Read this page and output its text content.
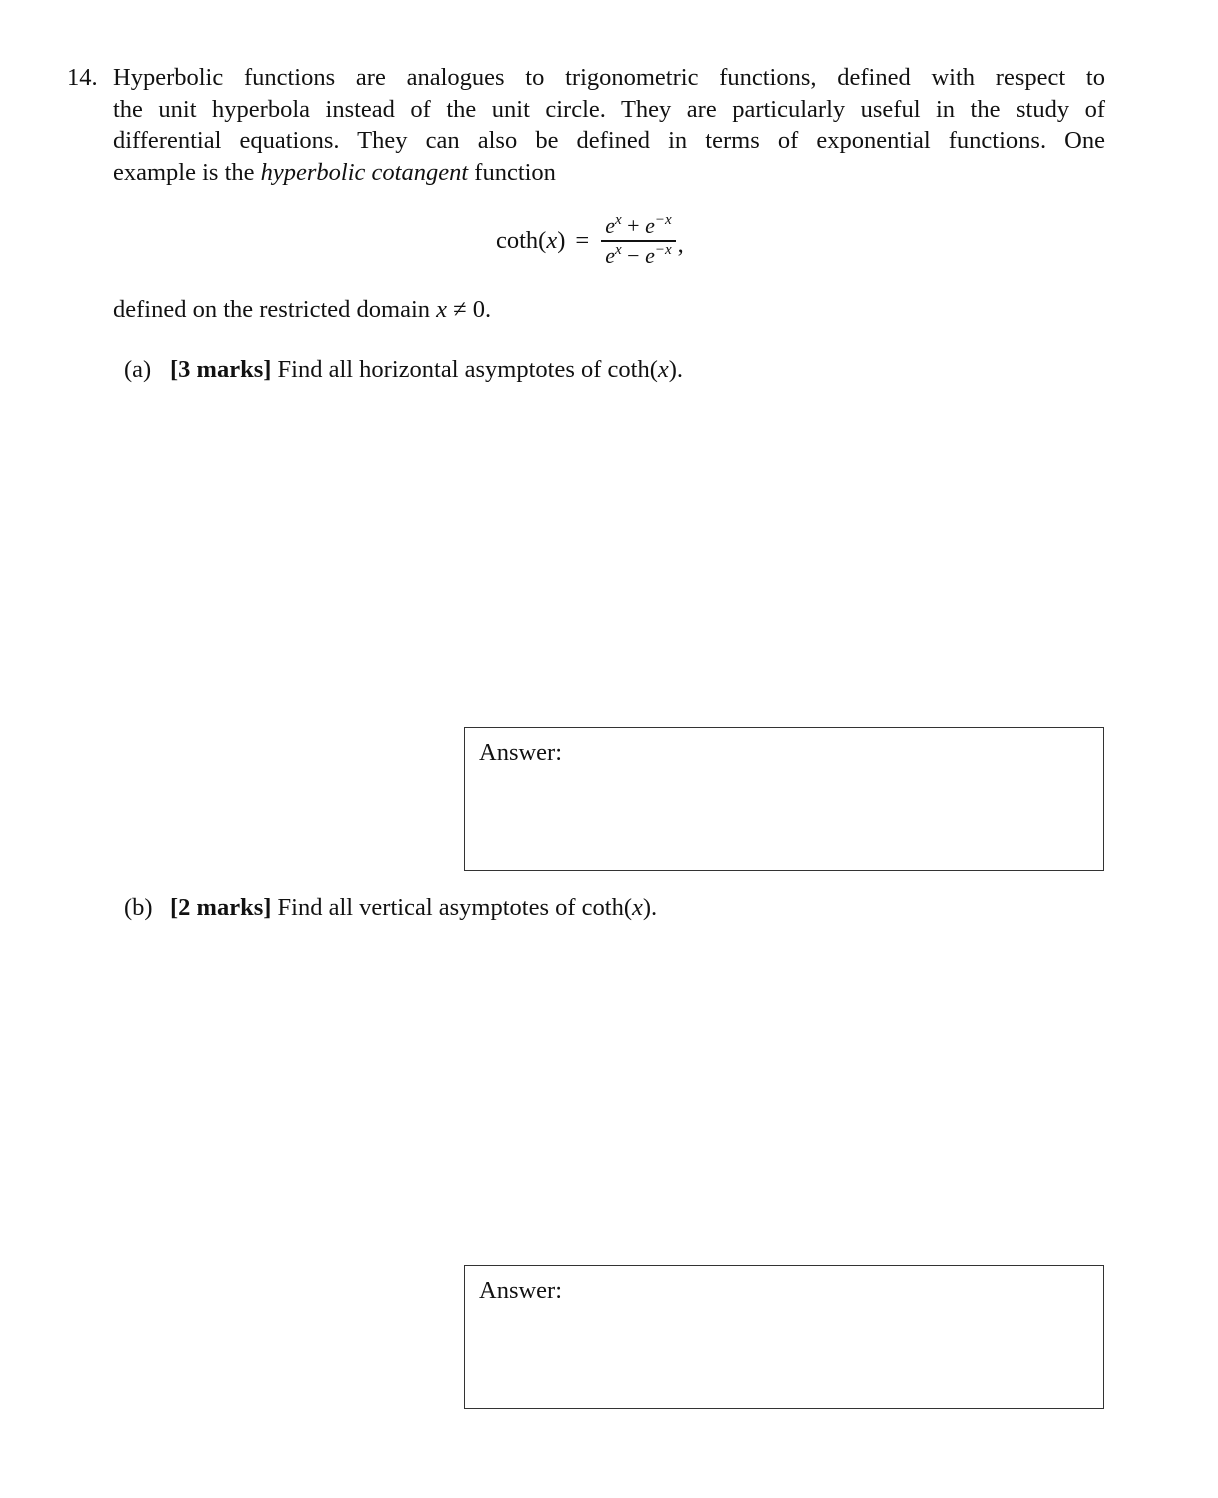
14. Hyperbolic functions are analogues to trigonometric functions, defined with respect to
the unit hyperbola instead of the unit circle. They are particularly useful in the study of
differential equations. They can also be defined in terms of exponential functions. One
example is the hyperbolic cotangent function
$\cot h(x) = \frac{e^x + e^{-x}}{e^x - e^{-x}}$ ,
defined on the restricted domain x ≠ 0.
(a) [3 marks] Find all horizontal asymptotes of coth(x).
Answer:
(b) [2 marks] Find all vertical asymptotes of coth(x).
Answer:
